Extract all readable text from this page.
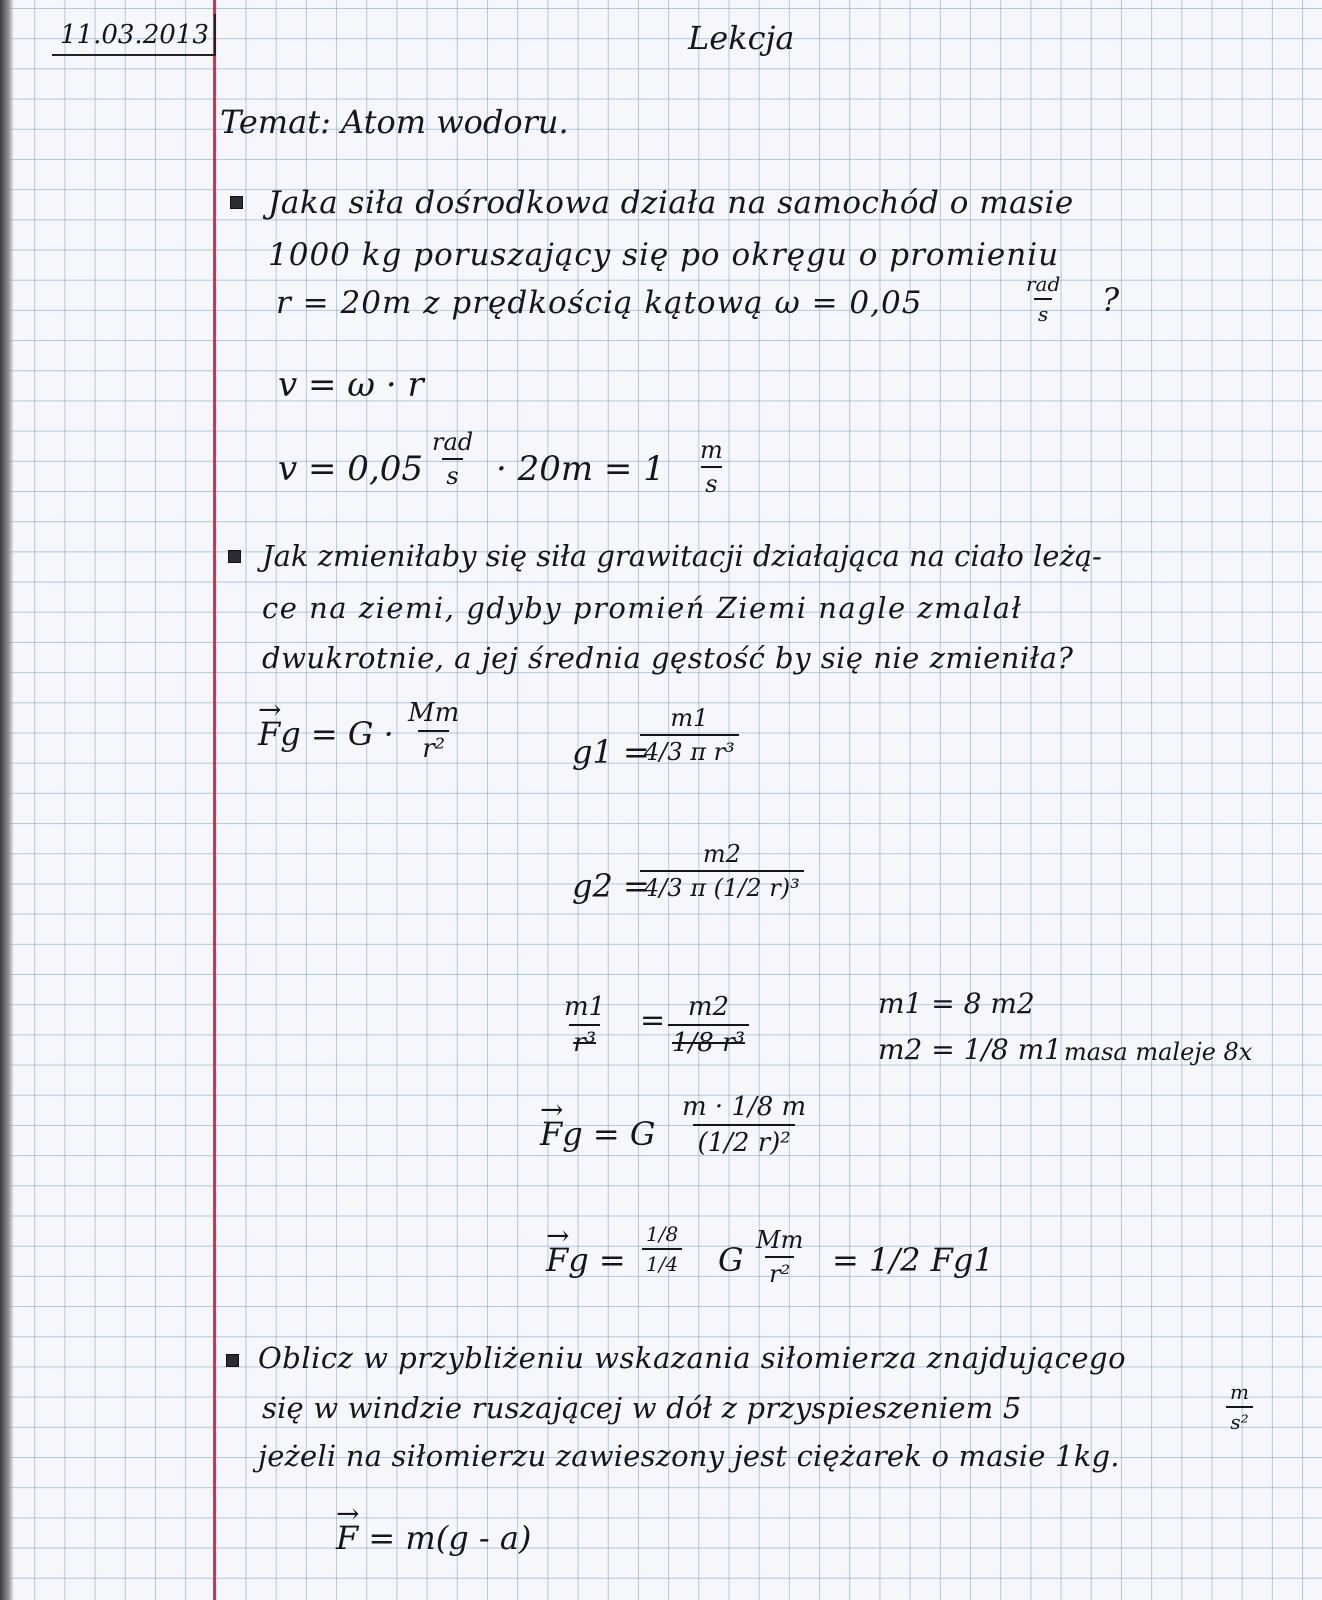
11.03.2013	Lekcja
Temat: Atom wodoru.
Jaka siła dośrodkowa działa na samochód o masie
1000 kg poruszający się po okręgu o promieniu
r = 20m z prędkością kątową ω = 0,05
rad
s ?
v = ω · r
v = 0,05
rad
$s \cdot 20m = 1 \frac{m}{s}$
Jak zmieniłaby się siła grawitacji działająca na ciało leżą-
ce na ziemi, gdyby promień Ziemi nagle zmalał
dwukrotnie, a jej średnia gęstość by się nie zmieniła?
→ $Fg = G \cdot \frac{Mm}{\text{r²}}$	g1 =
$\frac{m1}{\text{4/3 π r³}}$
g2 =
$\frac{m2}{\text{4/3 π (1/2 r)³}}$
$\frac{m1}{\text{r³}} = \frac{m2}{\text{1/8 r³}}$	m1 = 8 m2
m2 = 1/8 m1 masa maleje 8x
→ Fg = G $\frac{m \cdot 1/8 m}{\text{(1/2 r)²}}$
→ $Fg = \frac{1/8}{1/4}$ G $\frac{Mm}{\text{r²}} = 1/2$ Fg1
Oblicz w przybliżeniu wskazania siłomierza znajdującego
się w windzie ruszającej w dół z przyspieszeniem 5	$\frac{m}{\text{s²}}$
jeżeli na siłomierzu zawieszony jest ciężarek o masie 1kg.
→ F = m(g - a)
